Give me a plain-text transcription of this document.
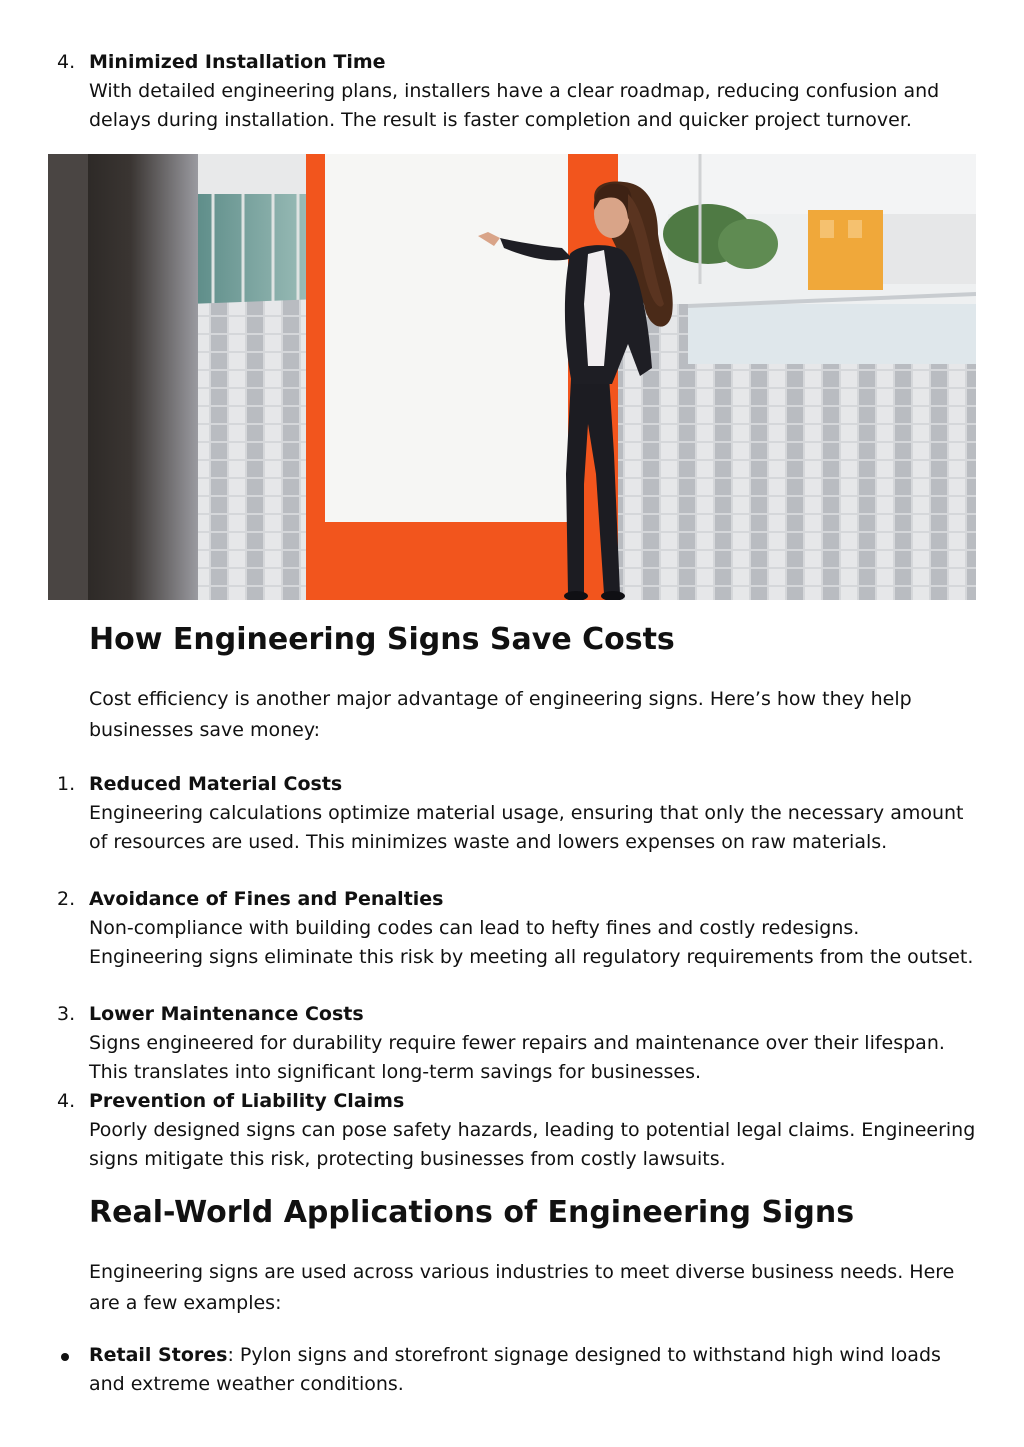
4. Minimized Installation Time
With detailed engineering plans, installers have a clear roadmap, reducing confusion and delays during installation. The result is faster completion and quicker project turnover.
How Engineering Signs Save Costs

Cost efficiency is another major advantage of engineering signs. Here’s how they help businesses save money:

1. Reduced Material Costs
Engineering calculations optimize material usage, ensuring that only the necessary amount of resources are used. This minimizes waste and lowers expenses on raw materials.
2. Avoidance of Fines and Penalties
Non-compliance with building codes can lead to hefty fines and costly redesigns. Engineering signs eliminate this risk by meeting all regulatory requirements from the outset.
3. Lower Maintenance Costs
Signs engineered for durability require fewer repairs and maintenance over their lifespan. This translates into significant long-term savings for businesses.
4. Prevention of Liability Claims
Poorly designed signs can pose safety hazards, leading to potential legal claims. Engineering signs mitigate this risk, protecting businesses from costly lawsuits.
Real-World Applications of Engineering Signs

Engineering signs are used across various industries to meet diverse business needs. Here are a few examples:

Retail Stores: Pylon signs and storefront signage designed to withstand high wind loads and extreme weather conditions.
